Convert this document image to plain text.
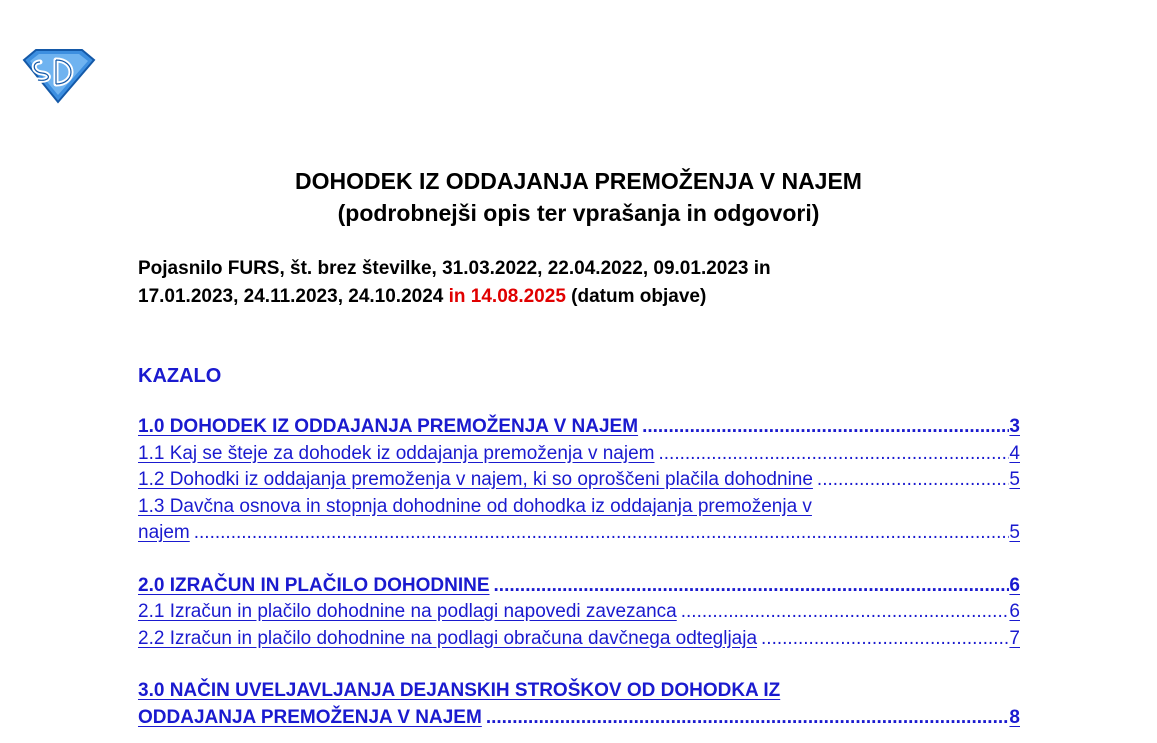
DOHODEK IZ ODDAJANJA PREMOŽENJA V NAJEM

(podrobnejši opis ter vprašanja in odgovori)

Pojasnilo FURS, št. brez številke, 31.03.2022, 22.04.2022, 09.01.2023 in
17.01.2023, 24.11.2023, 24.10.2024 in 14.08.2025 (datum objave)
KAZALO
1.0 DOHODEK IZ ODDAJANJA PREMOŽENJA V NAJEM .....	3
1.1 Kaj se šteje za dohodek iz oddajanja premoženja v najem .....	4
1.2 Dohodki iz oddajanja premoženja v najem, ki so oproščeni plačila dohodnine .....	5
1.3 Davčna osnova in stopnja dohodnine od dohodka iz oddajanja premoženja v
najem .....	5
2.0 IZRAČUN IN PLAČILO DOHODNINE .....	6
2.1 Izračun in plačilo dohodnine na podlagi napovedi zavezanca .....	6
2.2 Izračun in plačilo dohodnine na podlagi obračuna davčnega odtegljaja .....	7
3.0 NAČIN UVELJAVLJANJA DEJANSKIH STROŠKOV OD DOHODKA IZ
ODDAJANJA PREMOŽENJA V NAJEM .....	8
